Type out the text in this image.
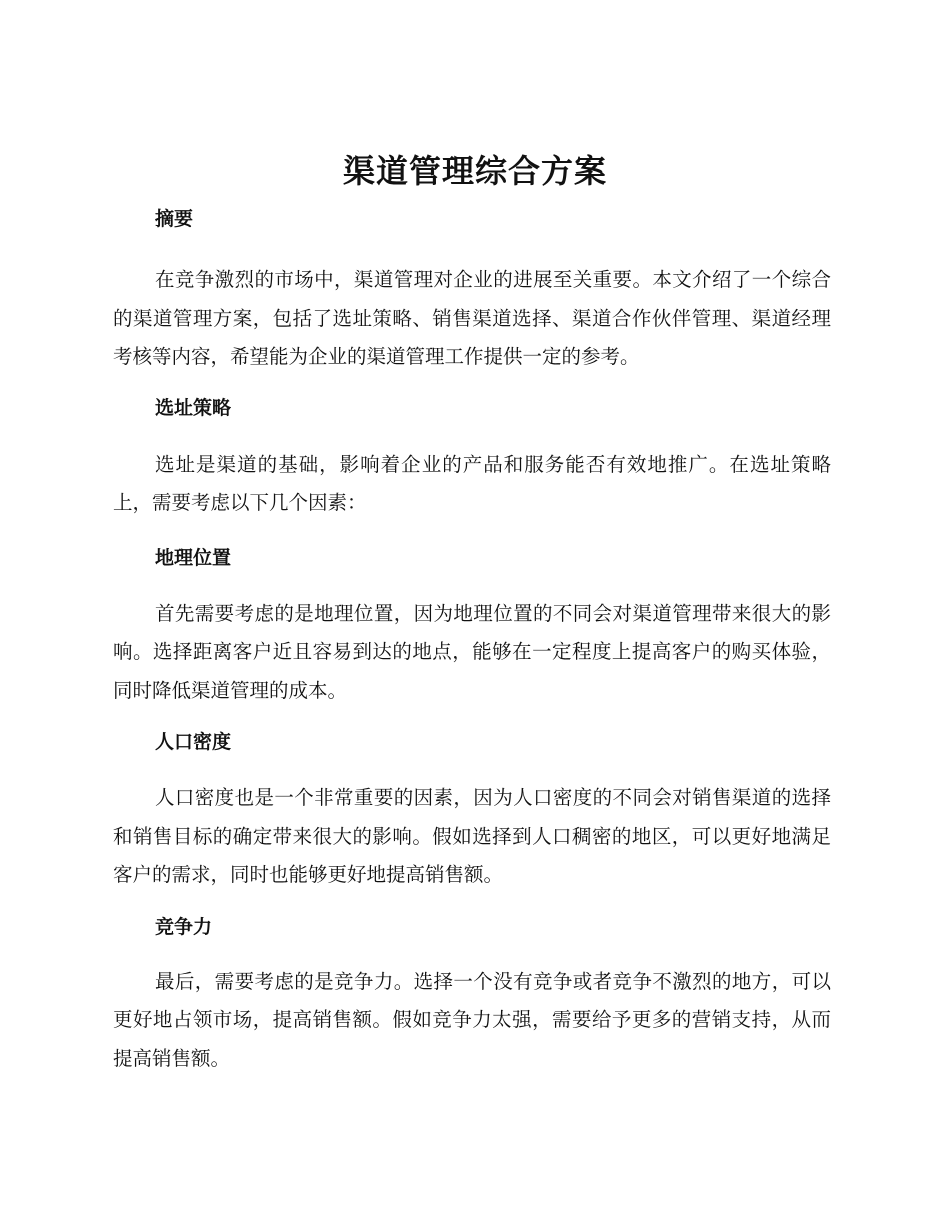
渠道管理综合方案
摘要

在竞争激烈的市场中，渠道管理对企业的进展至关重要。本文介绍了一个综合的渠道管理方案，包括了选址策略、销售渠道选择、渠道合作伙伴管理、渠道经理考核等内容，希望能为企业的渠道管理工作提供一定的参考。

选址策略

选址是渠道的基础，影响着企业的产品和服务能否有效地推广。在选址策略上，需要考虑以下几个因素：

地理位置

首先需要考虑的是地理位置，因为地理位置的不同会对渠道管理带来很大的影响。选择距离客户近且容易到达的地点，能够在一定程度上提高客户的购买体验，同时降低渠道管理的成本。

人口密度

人口密度也是一个非常重要的因素，因为人口密度的不同会对销售渠道的选择和销售目标的确定带来很大的影响。假如选择到人口稠密的地区，可以更好地满足客户的需求，同时也能够更好地提高销售额。

竞争力

最后，需要考虑的是竞争力。选择一个没有竞争或者竞争不激烈的地方，可以更好地占领市场，提高销售额。假如竞争力太强，需要给予更多的营销支持，从而提高销售额。
